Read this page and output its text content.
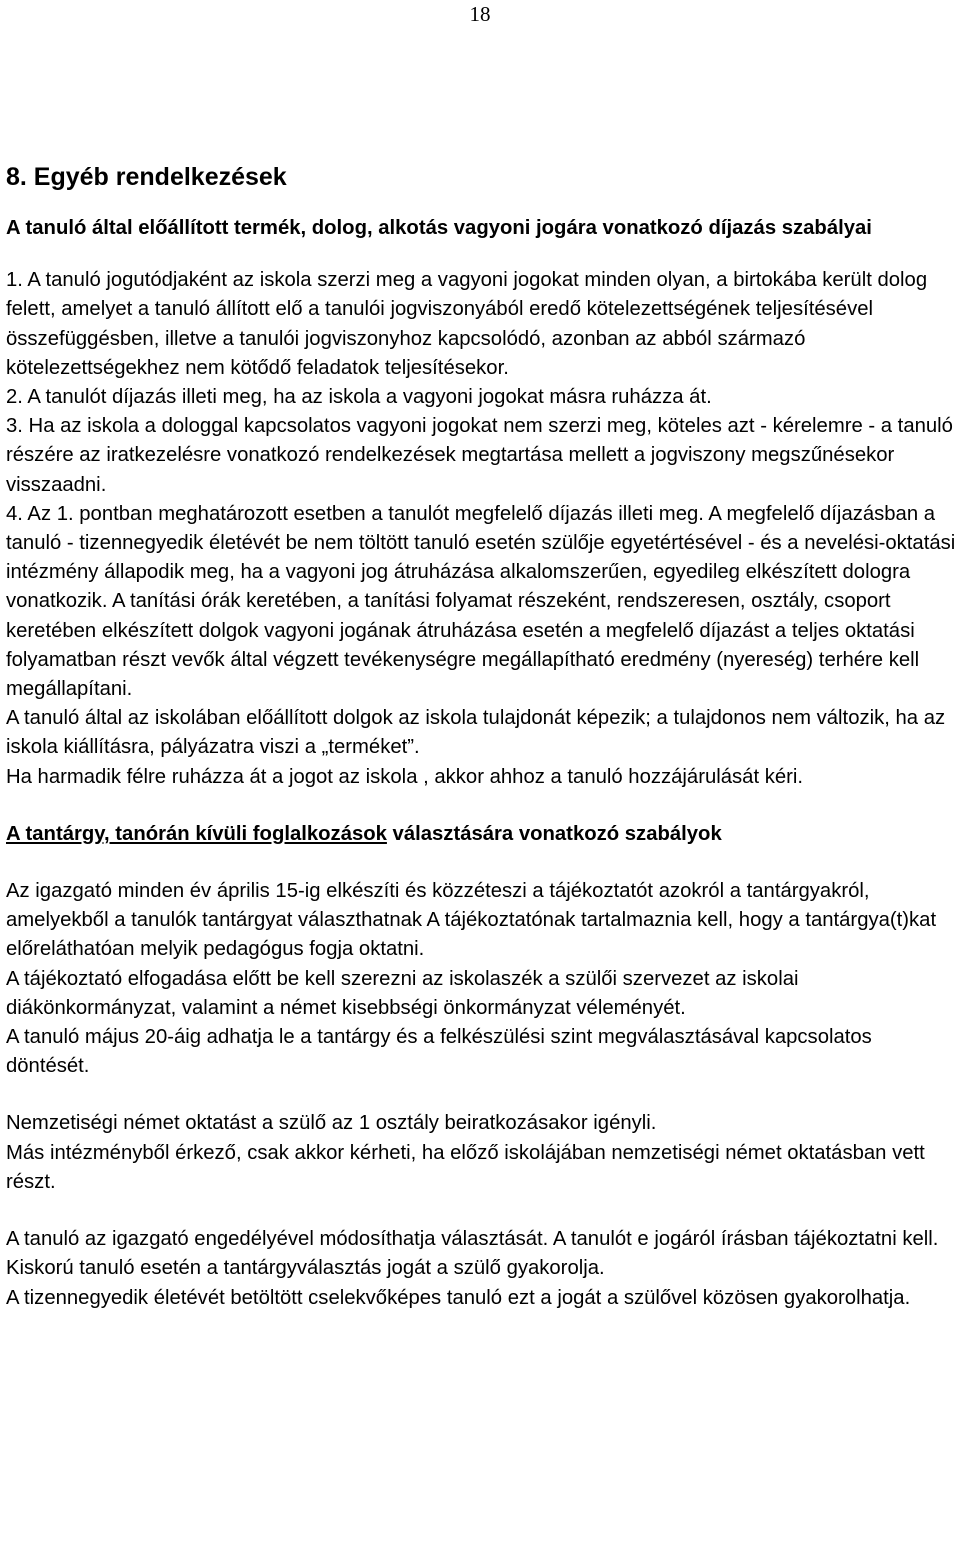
18
8. Egyéb rendelkezések
A tanuló által előállított termék, dolog, alkotás vagyoni jogára vonatkozó díjazás szabályai

1. A tanuló jogutódjaként az iskola szerzi meg a vagyoni jogokat minden olyan, a birtokába került dolog felett, amelyet a tanuló állított elő a tanulói jogviszonyából eredő kötelezettségének teljesítésével összefüggésben, illetve a tanulói jogviszonyhoz kapcsolódó, azonban az abból származó kötelezettségekhez nem kötődő feladatok teljesítésekor.

2. A tanulót díjazás illeti meg, ha az iskola a vagyoni jogokat másra ruházza át.

3. Ha az iskola a dologgal kapcsolatos vagyoni jogokat nem szerzi meg, köteles azt - kérelemre - a tanuló részére az iratkezelésre vonatkozó rendelkezések megtartása mellett a jogviszony megszűnésekor visszaadni.

4. Az 1. pontban meghatározott esetben a tanulót megfelelő díjazás illeti meg. A megfelelő díjazásban a tanuló - tizennegyedik életévét be nem töltött tanuló esetén szülője egyetértésével - és a nevelési-oktatási intézmény állapodik meg, ha a vagyoni jog átruházása alkalomszerűen, egyedileg elkészített dologra vonatkozik. A tanítási órák keretében, a tanítási folyamat részeként, rendszeresen, osztály, csoport keretében elkészített dolgok vagyoni jogának átruházása esetén a megfelelő díjazást a teljes oktatási folyamatban részt vevők által végzett tevékenységre megállapítható eredmény (nyereség) terhére kell megállapítani.

A tanuló által az iskolában előállított dolgok az iskola tulajdonát képezik; a tulajdonos nem változik, ha az iskola kiállításra, pályázatra viszi a „terméket”.

Ha harmadik félre ruházza át a jogot az iskola , akkor ahhoz a tanuló hozzájárulását kéri.

A tantárgy, tanórán kívüli foglalkozások választására vonatkozó szabályok

Az igazgató minden év április 15-ig elkészíti és közzéteszi a tájékoztatót azokról a tantárgyakról, amelyekből a tanulók tantárgyat választhatnak A tájékoztatónak tartalmaznia kell, hogy a tantárgya(t)kat előreláthatóan melyik pedagógus fogja oktatni.

A tájékoztató elfogadása előtt be kell szerezni az iskolaszék a szülői szervezet az iskolai diákönkormányzat, valamint a német kisebbségi önkormányzat véleményét.

A tanuló május 20-áig adhatja le a tantárgy és a felkészülési szint megválasztásával kapcsolatos döntését.

Nemzetiségi német oktatást a szülő az 1 osztály beiratkozásakor igényli.

Más intézményből érkező, csak akkor kérheti, ha előző iskolájában nemzetiségi német oktatásban vett részt.

A tanuló az igazgató engedélyével módosíthatja választását. A tanulót e jogáról írásban tájékoztatni kell.

Kiskorú tanuló esetén a tantárgyválasztás jogát a szülő gyakorolja.

A tizennegyedik életévét betöltött cselekvőképes tanuló ezt a jogát a szülővel közösen gyakorolhatja.
